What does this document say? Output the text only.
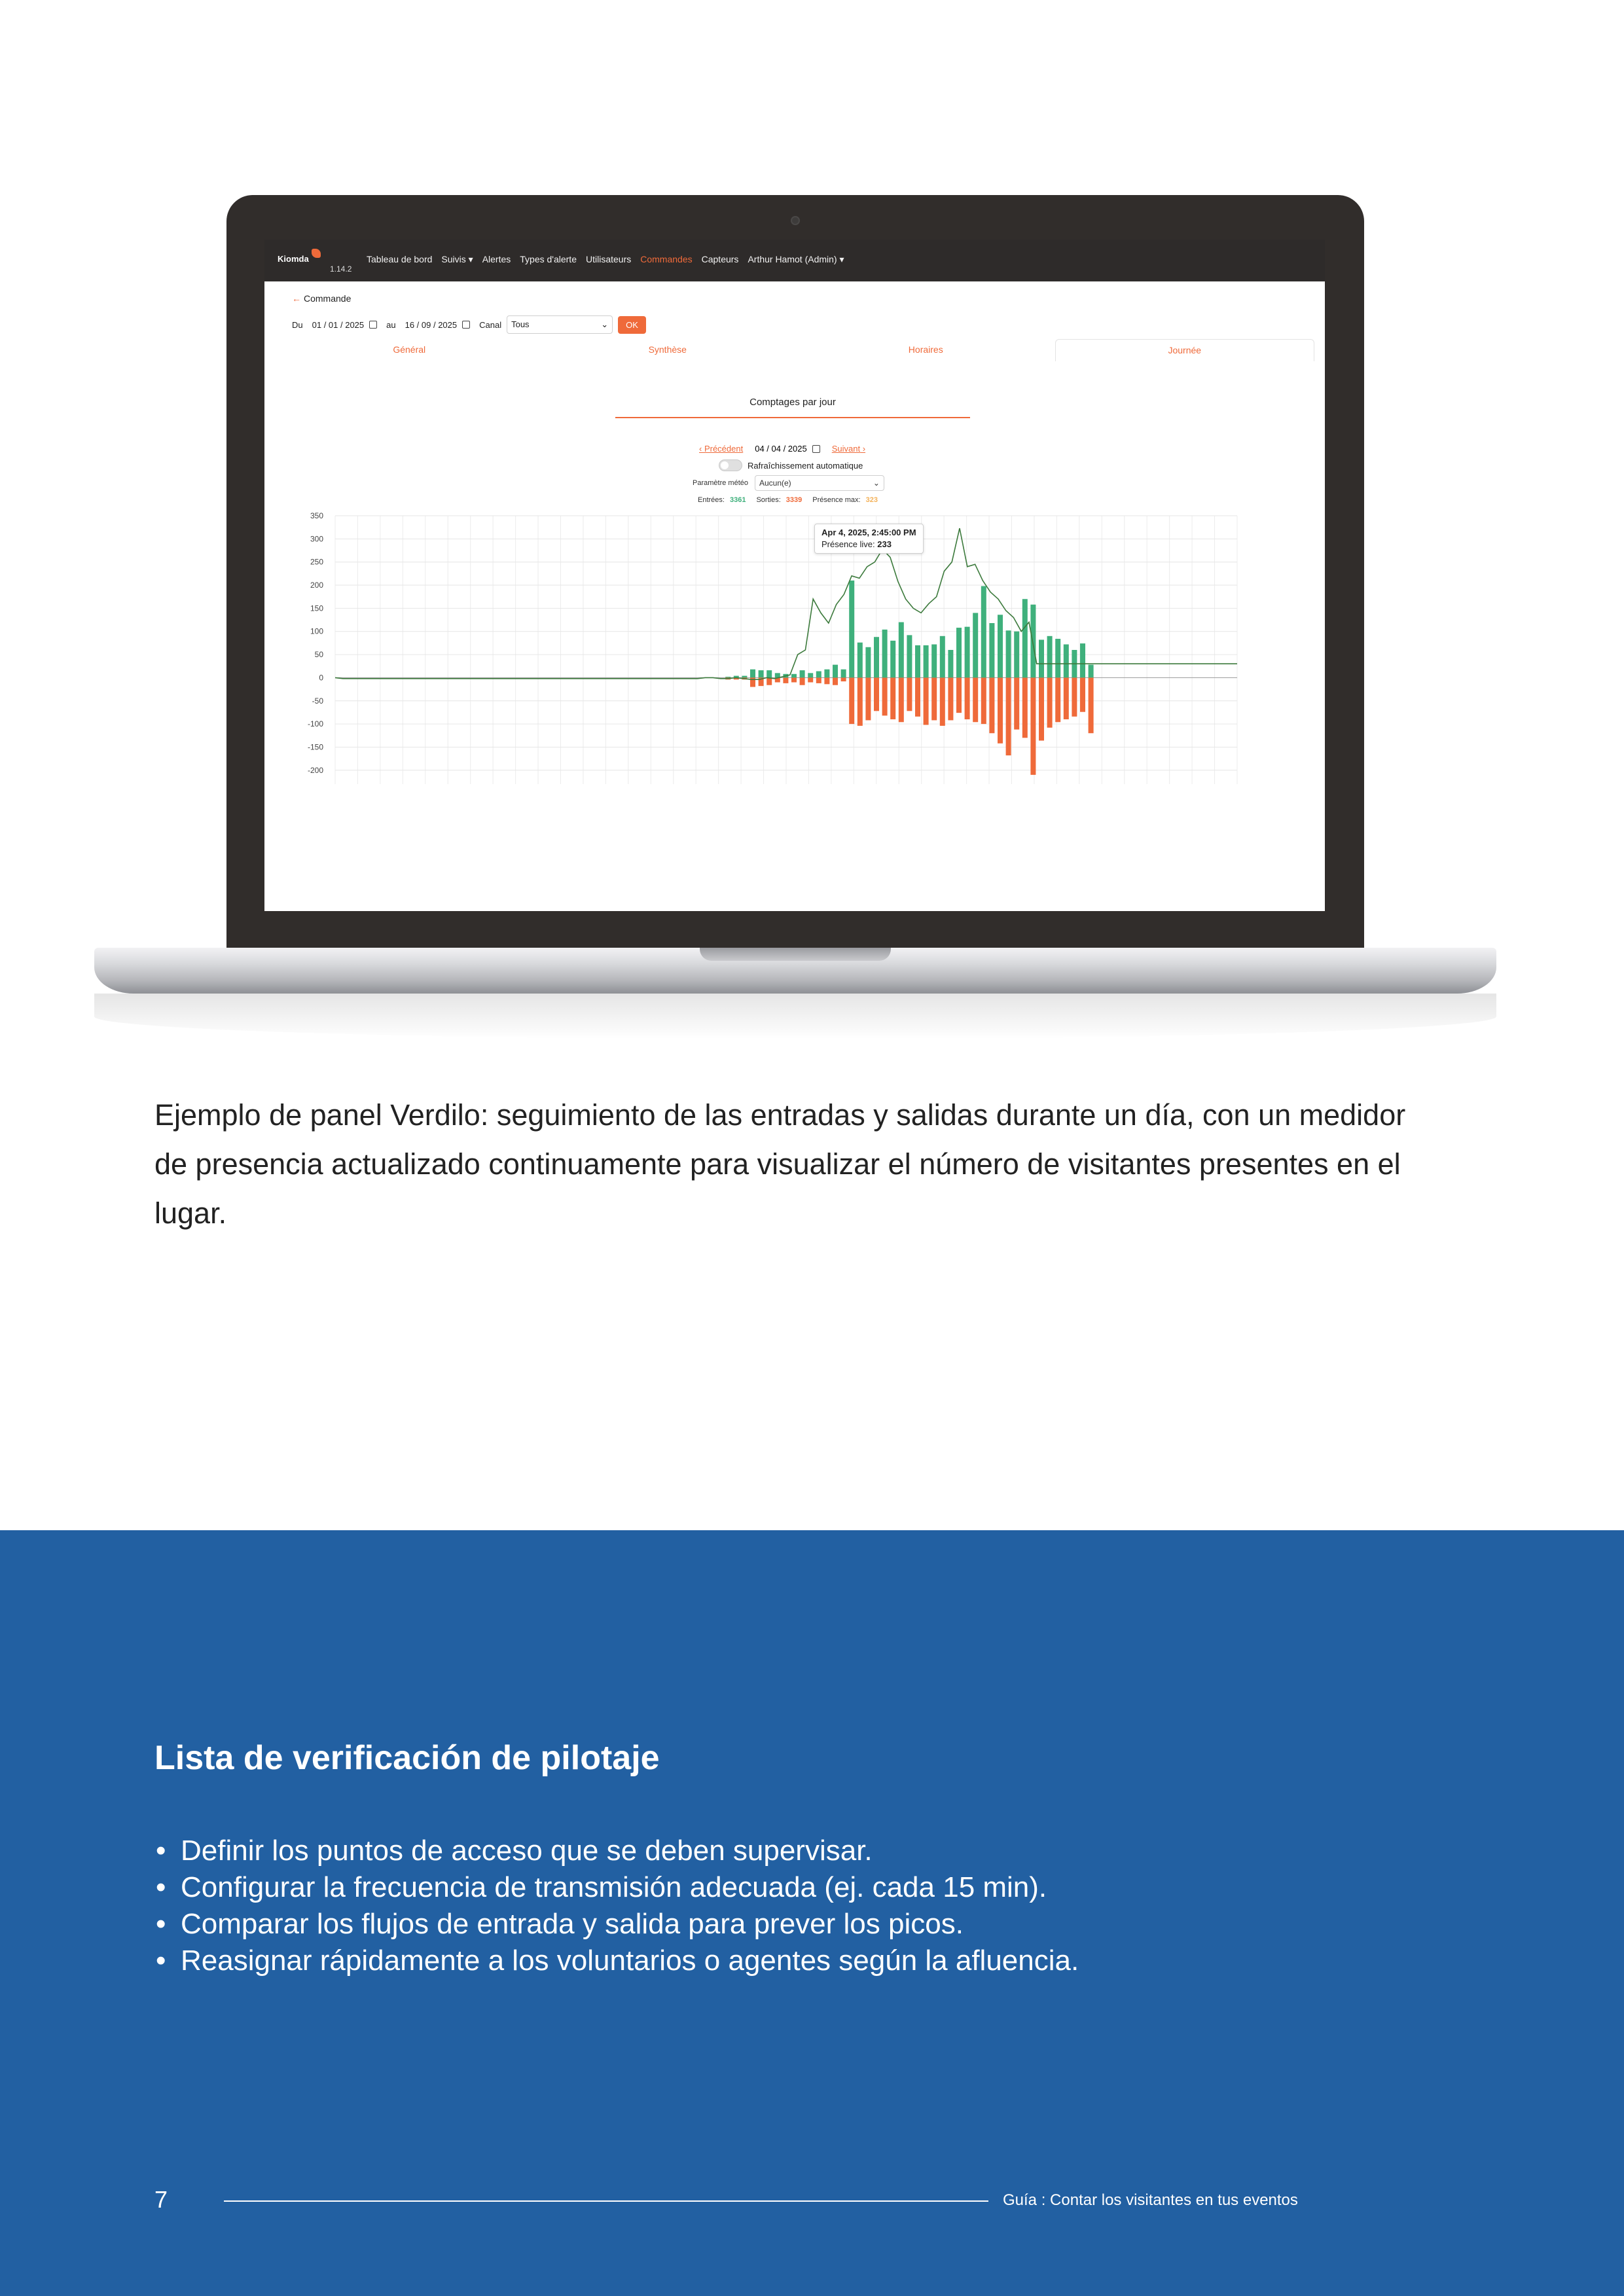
Kiomda
1.14.2
Tableau de bord Suivis ▾ Alertes Types d'alerte Utilisateurs Commandes Capteurs Arthur Hamot (Admin) ▾
← Commande
Du 01 / 01 / 2025	au 16 / 09 / 2025	Canal Tous	⌄	OK
Général	Synthèse	Horaires	Journée
Comptages par jour
‹ Précédent 04 / 04 / 2025	Suivant ›
Rafraîchissement automatique
Paramètre météo Aucun(e)	⌄
Entrées: 3361 Sorties: 3339 Présence max: 323
350
300
250
200
150
100
50
0
-50
-100
-150
-200
Apr 4, 2025, 2:45:00 PM
Présence live: 233
Ejemplo de panel Verdilo: seguimiento de las entradas y salidas durante un día, con un medidor
de presencia actualizado continuamente para visualizar el número de visitantes presentes en el
lugar.
Lista de verificación de pilotaje
• Definir los puntos de acceso que se deben supervisar.
• Configurar la frecuencia de transmisión adecuada (ej. cada 15 min).
• Comparar los flujos de entrada y salida para prever los picos.
• Reasignar rápidamente a los voluntarios o agentes según la afluencia.
7	Guía : Contar los visitantes en tus eventos
